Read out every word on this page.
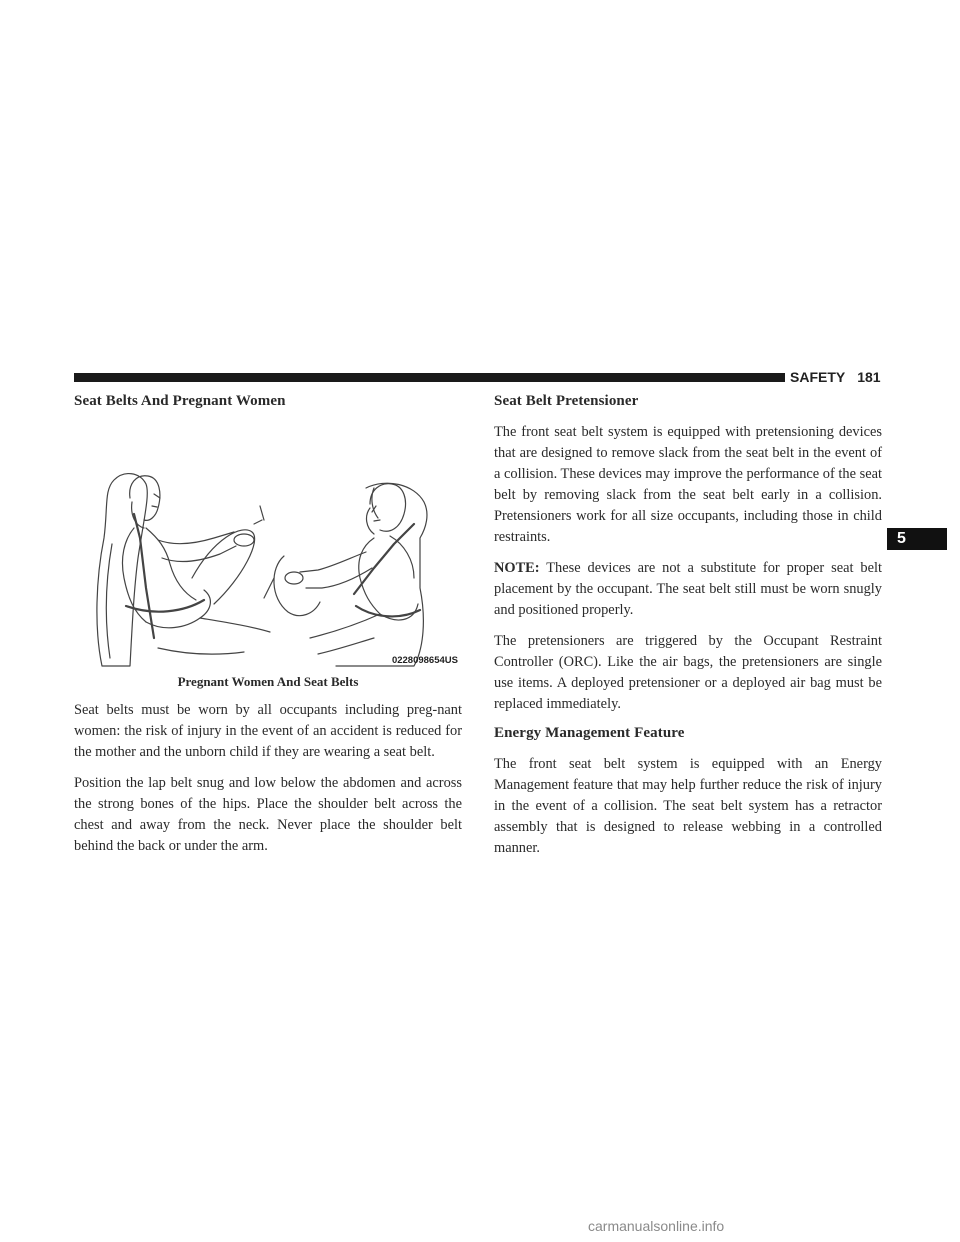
SAFETY 181
5
Seat Belts And Pregnant Women
0228098654US
Pregnant Women And Seat Belts

Seat belts must be worn by all occupants including preg-nant women: the risk of injury in the event of an accident is reduced for the mother and the unborn child if they are wearing a seat belt.

Position the lap belt snug and low below the abdomen and across the strong bones of the hips. Place the shoulder belt across the chest and away from the neck. Never place the shoulder belt behind the back or under the arm.

Seat Belt Pretensioner

The front seat belt system is equipped with pretensioning devices that are designed to remove slack from the seat belt in the event of a collision. These devices may improve the performance of the seat belt by removing slack from the seat belt early in a collision. Pretensioners work for all size occupants, including those in child restraints.

NOTE: These devices are not a substitute for proper seat belt placement by the occupant. The seat belt still must be worn snugly and positioned properly.

The pretensioners are triggered by the Occupant Restraint Controller (ORC). Like the air bags, the pretensioners are single use items. A deployed pretensioner or a deployed air bag must be replaced immediately.

Energy Management Feature

The front seat belt system is equipped with an Energy Management feature that may help further reduce the risk of injury in the event of a collision. The seat belt system has a retractor assembly that is designed to release webbing in a controlled manner.

carmanualsonline.info
